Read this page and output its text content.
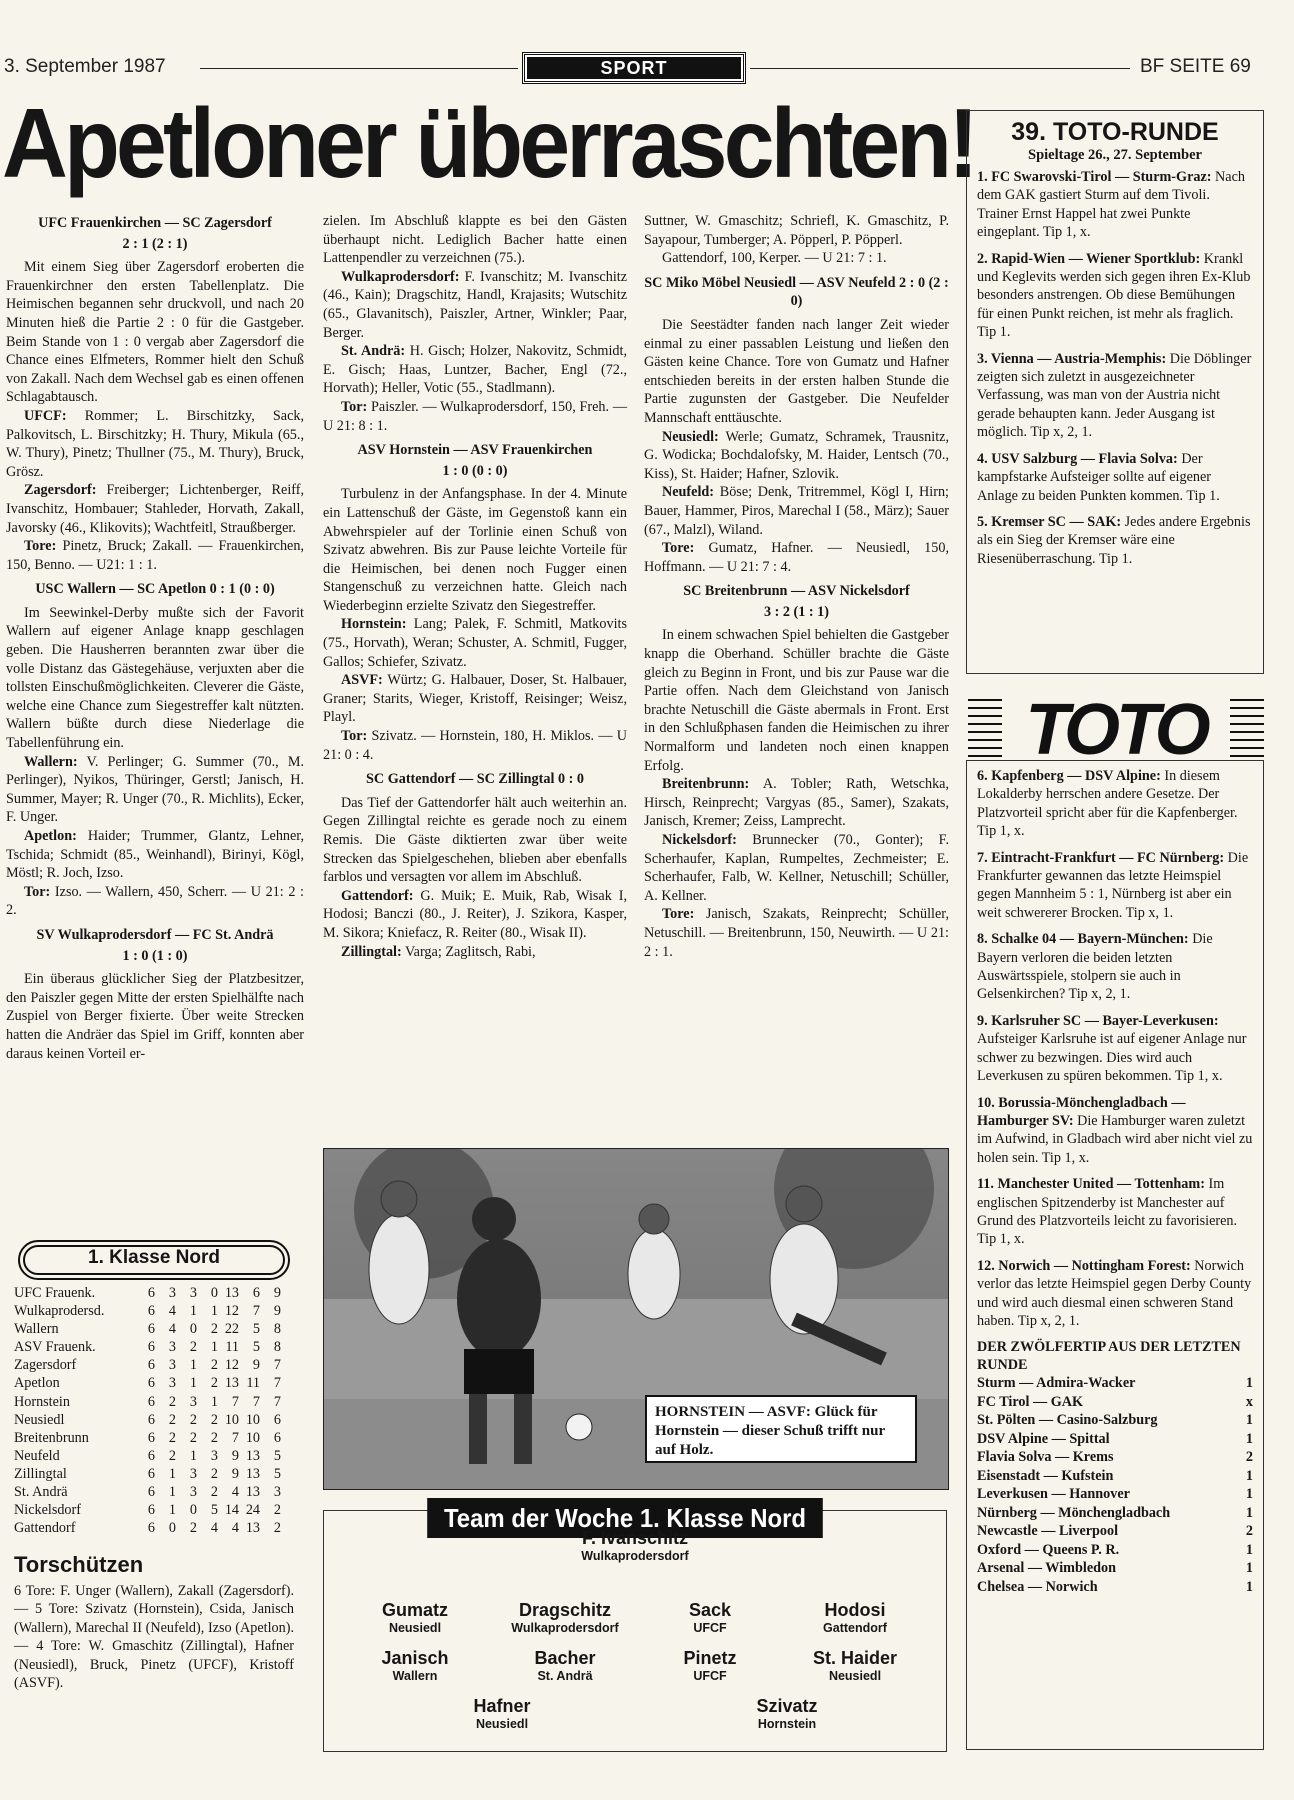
3. September 1987	SPORT	BF SEITE 69
Apetloner überraschten!

UFC Frauenkirchen — SC Zagersdorf

2 : 1 (2 : 1)

Mit einem Sieg über Zagersdorf eroberten die Frauenkirchner den ersten Tabellenplatz. Die Heimischen begannen sehr druckvoll, und nach 20 Minuten hieß die Partie 2 : 0 für die Gastgeber. Beim Stande von 1 : 0 vergab aber Zagersdorf die Chance eines Elfmeters, Rommer hielt den Schuß von Zakall. Nach dem Wechsel gab es einen offenen Schlagabtausch.

UFCF: Rommer; L. Birschitzky, Sack, Palkovitsch, L. Birschitzky; H. Thury, Mikula (65., W. Thury), Pinetz; Thullner (75., M. Thury), Bruck, Grösz.

Zagersdorf: Freiberger; Lichtenberger, Reiff, Ivanschitz, Hombauer; Stahleder, Horvath, Zakall, Javorsky (46., Klikovits); Wachtfeitl, Straußberger.

Tore: Pinetz, Bruck; Zakall. — Frauenkirchen, 150, Benno. — U21: 1 : 1.

USC Wallern — SC Apetlon 0 : 1 (0 : 0)

Im Seewinkel-Derby mußte sich der Favorit Wallern auf eigener Anlage knapp geschlagen geben. Die Hausherren berannten zwar über die volle Distanz das Gästegehäuse, verjuxten aber die tollsten Einschußmöglichkeiten. Cleverer die Gäste, welche eine Chance zum Siegestreffer kalt nützten. Wallern büßte durch diese Niederlage die Tabellenführung ein.

Wallern: V. Perlinger; G. Summer (70., M. Perlinger), Nyikos, Thüringer, Gerstl; Janisch, H. Summer, Mayer; R. Unger (70., R. Michlits), Ecker, F. Unger.

Apetlon: Haider; Trummer, Glantz, Lehner, Tschida; Schmidt (85., Weinhandl), Birinyi, Kögl, Möstl; R. Joch, Izso.

Tor: Izso. — Wallern, 450, Scherr. — U 21: 2 : 2.

SV Wulkaprodersdorf — FC St. Andrä

1 : 0 (1 : 0)

Ein überaus glücklicher Sieg der Platzbesitzer, den Paiszler gegen Mitte der ersten Spielhälfte nach Zuspiel von Berger fixierte. Über weite Strecken hatten die Andräer das Spiel im Griff, konnten aber daraus keinen Vorteil er-

zielen. Im Abschluß klappte es bei den Gästen überhaupt nicht. Lediglich Bacher hatte einen Lattenpendler zu verzeichnen (75.).

Wulkaprodersdorf: F. Ivanschitz; M. Ivanschitz (46., Kain); Dragschitz, Handl, Krajasits; Wutschitz (65., Glavanitsch), Paiszler, Artner, Winkler; Paar, Berger.

St. Andrä: H. Gisch; Holzer, Nakovitz, Schmidt, E. Gisch; Haas, Luntzer, Bacher, Engl (72., Horvath); Heller, Votic (55., Stadlmann).

Tor: Paiszler. — Wulkaprodersdorf, 150, Freh. — U 21: 8 : 1.

ASV Hornstein — ASV Frauenkirchen

1 : 0 (0 : 0)

Turbulenz in der Anfangsphase. In der 4. Minute ein Lattenschuß der Gäste, im Gegenstoß kann ein Abwehrspieler auf der Torlinie einen Schuß von Szivatz abwehren. Bis zur Pause leichte Vorteile für die Heimischen, bei denen noch Fugger einen Stangenschuß zu verzeichnen hatte. Gleich nach Wiederbeginn erzielte Szivatz den Siegestreffer.

Hornstein: Lang; Palek, F. Schmitl, Matkovits (75., Horvath), Weran; Schuster, A. Schmitl, Fugger, Gallos; Schiefer, Szivatz.

ASVF: Würtz; G. Halbauer, Doser, St. Halbauer, Graner; Starits, Wieger, Kristoff, Reisinger; Weisz, Playl.

Tor: Szivatz. — Hornstein, 180, H. Miklos. — U 21: 0 : 4.

SC Gattendorf — SC Zillingtal 0 : 0

Das Tief der Gattendorfer hält auch weiterhin an. Gegen Zillingtal reichte es gerade noch zu einem Remis. Die Gäste diktierten zwar über weite Strecken das Spielgeschehen, blieben aber ebenfalls farblos und versagten vor allem im Abschluß.

Gattendorf: G. Muik; E. Muik, Rab, Wisak I, Hodosi; Banczi (80., J. Reiter), J. Szikora, Kasper, M. Sikora; Kniefacz, R. Reiter (80., Wisak II).

Zillingtal: Varga; Zaglitsch, Rabi,

Suttner, W. Gmaschitz; Schriefl, K. Gmaschitz, P. Sayapour, Tumberger; A. Pöpperl, P. Pöpperl.

Gattendorf, 100, Kerper. — U 21: 7 : 1.

SC Miko Möbel Neusiedl — ASV Neufeld 2 : 0 (2 : 0)

Die Seestädter fanden nach langer Zeit wieder einmal zu einer passablen Leistung und ließen den Gästen keine Chance. Tore von Gumatz und Hafner entschieden bereits in der ersten halben Stunde die Partie zugunsten der Gastgeber. Die Neufelder Mannschaft enttäuschte.

Neusiedl: Werle; Gumatz, Schramek, Trausnitz, G. Wodicka; Bochdalofsky, M. Haider, Lentsch (70., Kiss), St. Haider; Hafner, Szlovik.

Neufeld: Böse; Denk, Tritremmel, Kögl I, Hirn; Bauer, Hammer, Piros, Marechal I (58., März); Sauer (67., Malzl), Wiland.

Tore: Gumatz, Hafner. — Neusiedl, 150, Hoffmann. — U 21: 7 : 4.

SC Breitenbrunn — ASV Nickelsdorf

3 : 2 (1 : 1)

In einem schwachen Spiel behielten die Gastgeber knapp die Oberhand. Schüller brachte die Gäste gleich zu Beginn in Front, und bis zur Pause war die Partie offen. Nach dem Gleichstand von Janisch brachte Netuschill die Gäste abermals in Front. Erst in den Schlußphasen fanden die Heimischen zu ihrer Normalform und landeten noch einen knappen Erfolg.

Breitenbrunn: A. Tobler; Rath, Wetschka, Hirsch, Reinprecht; Vargyas (85., Samer), Szakats, Janisch, Kremer; Zeiss, Lamprecht.

Nickelsdorf: Brunnecker (70., Gonter); F. Scherhaufer, Kaplan, Rumpeltes, Zechmeister; E. Scherhaufer, Falb, W. Kellner, Netuschill; Schüller, A. Kellner.

Tore: Janisch, Szakats, Reinprecht; Schüller, Netuschill. — Breitenbrunn, 150, Neuwirth. — U 21: 2 : 1.

1. Klasse Nord
UFC Frauenk.	6 3 3 0 13 6 9
Wulkaprodersd.	6 4 1 1 12 7 9
Wallern	6 4 0 2 22 5 8
ASV Frauenk.	6 3 2 1 11 5 8
Zagersdorf	6 3 1 2 12 9 7
Apetlon	6 3 1 2 13 11 7
Hornstein	6 2 3 1 7 7 7
Neusiedl	6 2 2 2 10 10 6
Breitenbrunn	6 2 2 2 7 10 6
Neufeld	6 2 1 3 9 13 5
Zillingtal	6 1 3 2 9 13 5
St. Andrä	6 1 3 2 4 13 3
Nickelsdorf	6 1 0 5 14 24 2
Gattendorf	6 0 2 4 4 13 2
Torschützen
6 Tore: F. Unger (Wallern), Zakall (Zagersdorf). — 5 Tore: Szivatz (Hornstein), Csida, Janisch (Wallern), Marechal II (Neufeld), Izso (Apetlon). — 4 Tore: W. Gmaschitz (Zillingtal), Hafner (Neusiedl), Bruck, Pinetz (UFCF), Kristoff (ASVF).
HORNSTEIN — ASVF: Glück für Hornstein — dieser Schuß trifft nur auf Holz.
Team der Woche 1. Klasse Nord
F. Ivanschitz
Wulkaprodersdorf
Gumatz
Neusiedl
Dragschitz
Wulkaprodersdorf
Sack
UFCF
Hodosi
Gattendorf
Janisch
Wallern
Bacher
St. Andrä
Pinetz
UFCF
St. Haider
Neusiedl
Hafner
Neusiedl
Szivatz
Hornstein
39. TOTO-RUNDE
Spieltage 26., 27. September

1. FC Swarovski-Tirol — Sturm-Graz: Nach dem GAK gastiert Sturm auf dem Tivoli. Trainer Ernst Happel hat zwei Punkte eingeplant. Tip 1, x.

2. Rapid-Wien — Wiener Sportklub: Krankl und Keglevits werden sich gegen ihren Ex-Klub besonders anstrengen. Ob diese Bemühungen für einen Punkt reichen, ist mehr als fraglich. Tip 1.

3. Vienna — Austria-Memphis: Die Döblinger zeigten sich zuletzt in ausgezeichneter Verfassung, was man von der Austria nicht gerade behaupten kann. Jeder Ausgang ist möglich. Tip x, 2, 1.

4. USV Salzburg — Flavia Solva: Der kampfstarke Aufsteiger sollte auf eigener Anlage zu beiden Punkten kommen. Tip 1.

5. Kremser SC — SAK: Jedes andere Ergebnis als ein Sieg der Kremser wäre eine Riesenüberraschung. Tip 1.

TOTO

6. Kapfenberg — DSV Alpine: In diesem Lokalderby herrschen andere Gesetze. Der Platzvorteil spricht aber für die Kapfenberger. Tip 1, x.

7. Eintracht-Frankfurt — FC Nürnberg: Die Frankfurter gewannen das letzte Heimspiel gegen Mannheim 5 : 1, Nürnberg ist aber ein weit schwererer Brocken. Tip x, 1.

8. Schalke 04 — Bayern-München: Die Bayern verloren die beiden letzten Auswärtsspiele, stolpern sie auch in Gelsenkirchen? Tip x, 2, 1.

9. Karlsruher SC — Bayer-Leverkusen: Aufsteiger Karlsruhe ist auf eigener Anlage nur schwer zu bezwingen. Dies wird auch Leverkusen zu spüren bekommen. Tip 1, x.

10. Borussia-Mönchengladbach — Hamburger SV: Die Hamburger waren zuletzt im Aufwind, in Gladbach wird aber nicht viel zu holen sein. Tip 1, x.

11. Manchester United — Tottenham: Im englischen Spitzenderby ist Manchester auf Grund des Platzvorteils leicht zu favorisieren. Tip 1, x.

12. Norwich — Nottingham Forest: Norwich verlor das letzte Heimspiel gegen Derby County und wird auch diesmal einen schweren Stand haben. Tip x, 2, 1.

DER ZWÖLFERTIP AUS DER LETZTEN RUNDE
Sturm — Admira-Wacker	1
FC Tirol — GAK	x
St. Pölten — Casino-Salzburg	1
DSV Alpine — Spittal	1
Flavia Solva — Krems	2
Eisenstadt — Kufstein	1
Leverkusen — Hannover	1
Nürnberg — Mönchengladbach	1
Newcastle — Liverpool	2
Oxford — Queens P. R.	1
Arsenal — Wimbledon	1
Chelsea — Norwich	1
